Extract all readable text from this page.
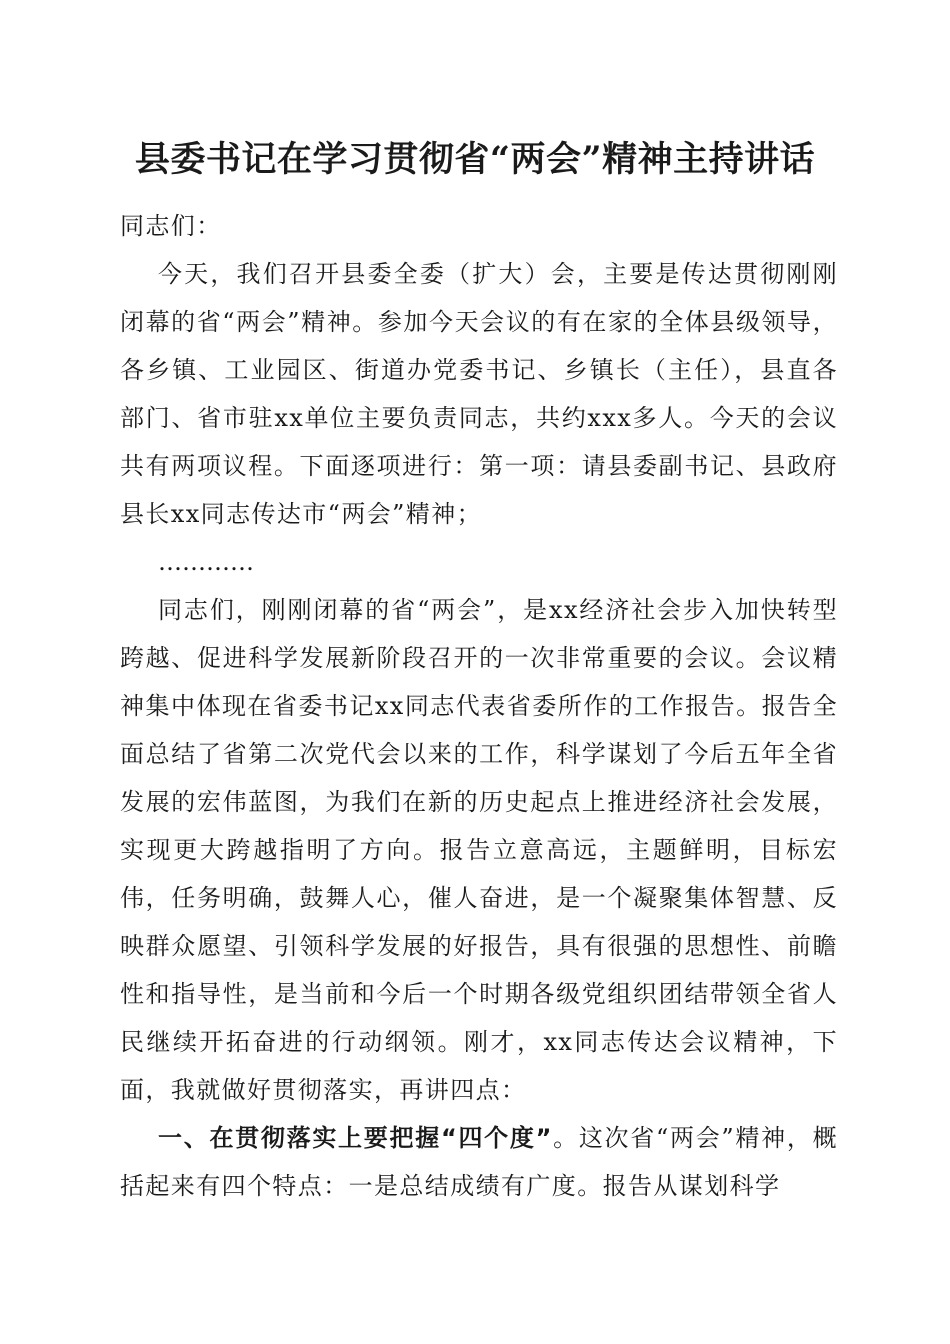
县委书记在学习贯彻省“两会”精神主持讲话

同志们：

今天，我们召开县委全委（扩大）会，主要是传达贯彻刚刚闭幕的省“两会”精神。参加今天会议的有在家的全体县级领导，各乡镇、工业园区、街道办党委书记、乡镇长（主任），县直各部门、省市驻xx单位主要负责同志，共约xxx多人。今天的会议共有两项议程。下面逐项进行：第一项：请县委副书记、县政府县长xx同志传达市“两会”精神；

…………

同志们，刚刚闭幕的省“两会”，是xx经济社会步入加快转型跨越、促进科学发展新阶段召开的一次非常重要的会议。会议精神集中体现在省委书记xx同志代表省委所作的工作报告。报告全面总结了省第二次党代会以来的工作，科学谋划了今后五年全省发展的宏伟蓝图，为我们在新的历史起点上推进经济社会发展，实现更大跨越指明了方向。报告立意高远，主题鲜明，目标宏伟，任务明确，鼓舞人心，催人奋进，是一个凝聚集体智慧、反映群众愿望、引领科学发展的好报告，具有很强的思想性、前瞻性和指导性，是当前和今后一个时期各级党组织团结带领全省人民继续开拓奋进的行动纲领。刚才，xx同志传达会议精神，下面，我就做好贯彻落实，再讲四点：

一、在贯彻落实上要把握“四个度”。这次省“两会”精神，概括起来有四个特点：一是总结成绩有广度。报告从谋划科学
